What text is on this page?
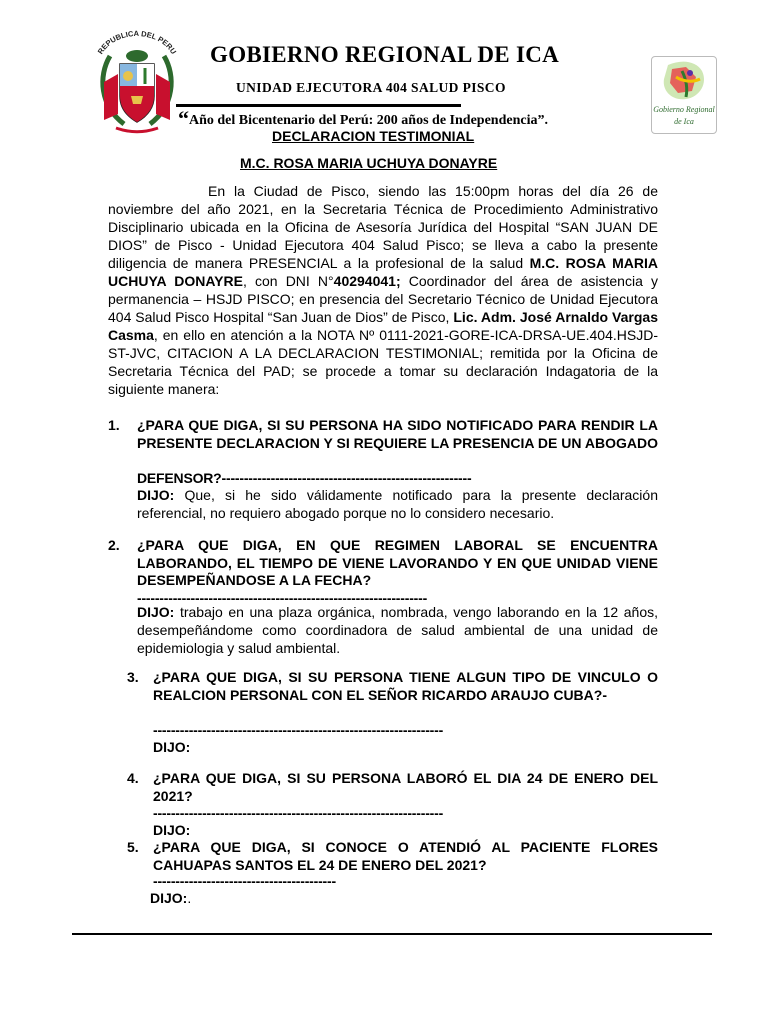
REPUBLICA DEL PERU
Gobierno Regional
de Ica
GOBIERNO REGIONAL DE ICA
UNIDAD EJECUTORA 404 SALUD PISCO
“Año del Bicentenario del Perú: 200 años de Independencia”.
DECLARACION TESTIMONIAL
M.C. ROSA MARIA UCHUYA DONAYRE
En la Ciudad de Pisco, siendo las 15:00pm horas del día 26 de noviembre del año 2021, en la Secretaria Técnica de Procedimiento Administrativo Disciplinario ubicada en la Oficina de Asesoría Jurídica del Hospital “SAN JUAN DE DIOS” de Pisco - Unidad Ejecutora 404 Salud Pisco; se lleva a cabo la presente diligencia de manera PRESENCIAL a la profesional de la salud M.C. ROSA MARIA UCHUYA DONAYRE, con DNI N°40294041; Coordinador del área de asistencia y permanencia – HSJD PISCO; en presencia del Secretario Técnico de Unidad Ejecutora 404 Salud Pisco Hospital “San Juan de Dios” de Pisco, Lic. Adm. José Arnaldo Vargas Casma, en ello en atención a la NOTA Nº 0111-2021-GORE-ICA-DRSA-UE.404.HSJD-ST-JVC, CITACION A LA DECLARACION TESTIMONIAL; remitida por la Oficina de Secretaria Técnica del PAD; se procede a tomar su declaración Indagatoria de la siguiente manera:
1. ¿PARA QUE DIGA, SI SU PERSONA HA SIDO NOTIFICADO PARA RENDIR LA PRESENTE DECLARACION Y SI REQUIERE LA PRESENCIA DE UN ABOGADO
DEFENSOR?--------------------------------------------------------
DIJO: Que, si he sido válidamente notificado para la presente declaración referencial, no requiero abogado porque no lo considero necesario.
2. ¿PARA QUE DIGA, EN QUE REGIMEN LABORAL SE ENCUENTRA LABORANDO, EL TIEMPO DE VIENE LAVORANDO Y EN QUE UNIDAD VIENE DESEMPEÑANDOSE A LA FECHA?
-----------------------------------------------------------------
DIJO: trabajo en una plaza orgánica, nombrada, vengo laborando en la 12 años, desempeñándome como coordinadora de salud ambiental de una unidad de epidemiologia y salud ambiental.
3. ¿PARA QUE DIGA, SI SU PERSONA TIENE ALGUN TIPO DE VINCULO O REALCION PERSONAL CON EL SEÑOR RICARDO ARAUJO CUBA?-
-----------------------------------------------------------------
DIJO:
4. ¿PARA QUE DIGA, SI SU PERSONA LABORÓ EL DIA 24 DE ENERO DEL 2021?
-----------------------------------------------------------------
DIJO:
5. ¿PARA QUE DIGA, SI CONOCE O ATENDIÓ AL PACIENTE FLORES CAHUAPAS SANTOS EL 24 DE ENERO DEL 2021?
-----------------------------------------
DIJO:.
